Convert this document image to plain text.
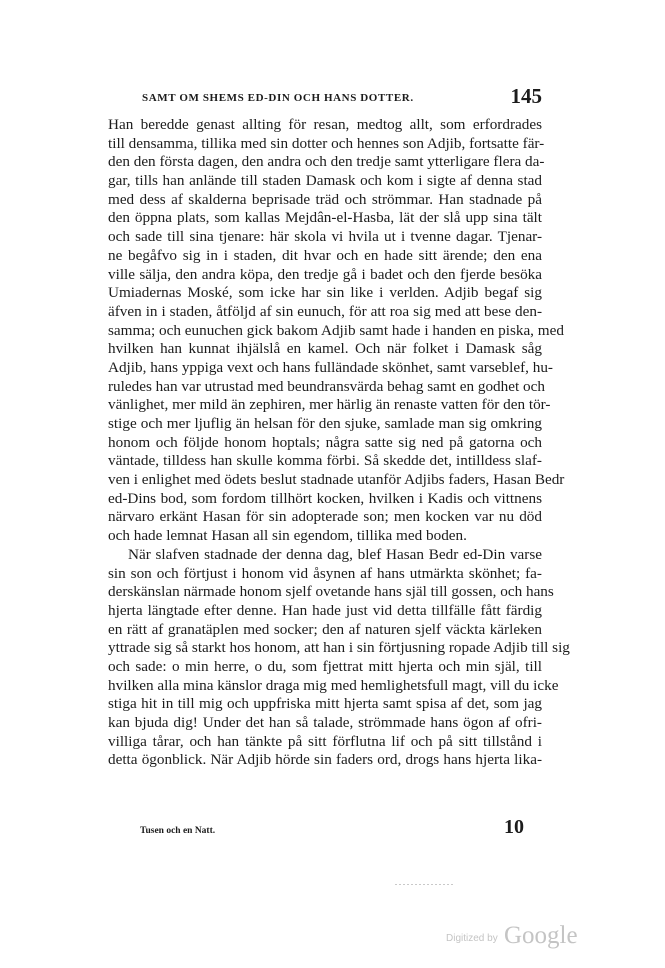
SAMT OM SHEMS ED-DIN OCH HANS DOTTER.	145
Han beredde genast allting för resan, medtog allt, som erfordrades
till densamma, tillika med sin dotter och hennes son Adjib, fortsatte fär-
den den första dagen, den andra och den tredje samt ytterligare flera da-
gar, tills han anlände till staden Damask och kom i sigte af denna stad
med dess af skalderna beprisade träd och strömmar. Han stadnade på
den öppna plats, som kallas Mejdân-el-Hasba, lät der slå upp sina tält
och sade till sina tjenare: här skola vi hvila ut i tvenne dagar. Tjenar-
ne begåfvo sig in i staden, dit hvar och en hade sitt ärende; den ena
ville sälja, den andra köpa, den tredje gå i badet och den fjerde besöka
Umiadernas Moské, som icke har sin like i verlden. Adjib begaf sig
äfven in i staden, åtföljd af sin eunuch, för att roa sig med att bese den-
samma; och eunuchen gick bakom Adjib samt hade i handen en piska, med
hvilken han kunnat ihjälslå en kamel. Och när folket i Damask såg
Adjib, hans yppiga vext och hans fulländade skönhet, samt varseblef, hu-
ruledes han var utrustad med beundransvärda behag samt en godhet och
vänlighet, mer mild än zephiren, mer härlig än renaste vatten för den tör-
stige och mer ljuflig än helsan för den sjuke, samlade man sig omkring
honom och följde honom hoptals; några satte sig ned på gatorna och
väntade, tilldess han skulle komma förbi. Så skedde det, intilldess slaf-
ven i enlighet med ödets beslut stadnade utanför Adjibs faders, Hasan Bedr
ed-Dins bod, som fordom tillhört kocken, hvilken i Kadis och vittnens
närvaro erkänt Hasan för sin adopterade son; men kocken var nu död
och hade lemnat Hasan all sin egendom, tillika med boden.
När slafven stadnade der denna dag, blef Hasan Bedr ed-Din varse
sin son och förtjust i honom vid åsynen af hans utmärkta skönhet; fa-
derskänslan närmade honom sjelf ovetande hans själ till gossen, och hans
hjerta längtade efter denne. Han hade just vid detta tillfälle fått färdig
en rätt af granatäplen med socker; den af naturen sjelf väckta kärleken
yttrade sig så starkt hos honom, att han i sin förtjusning ropade Adjib till sig
och sade: o min herre, o du, som fjettrat mitt hjerta och min själ, till
hvilken alla mina känslor draga mig med hemlighetsfull magt, vill du icke
stiga hit in till mig och uppfriska mitt hjerta samt spisa af det, som jag
kan bjuda dig! Under det han så talade, strömmade hans ögon af ofri-
villiga tårar, och han tänkte på sitt förflutna lif och på sitt tillstånd i
detta ögonblick. När Adjib hörde sin faders ord, drogs hans hjerta lika-
Tusen och en Natt.	10
Digitized by Google
